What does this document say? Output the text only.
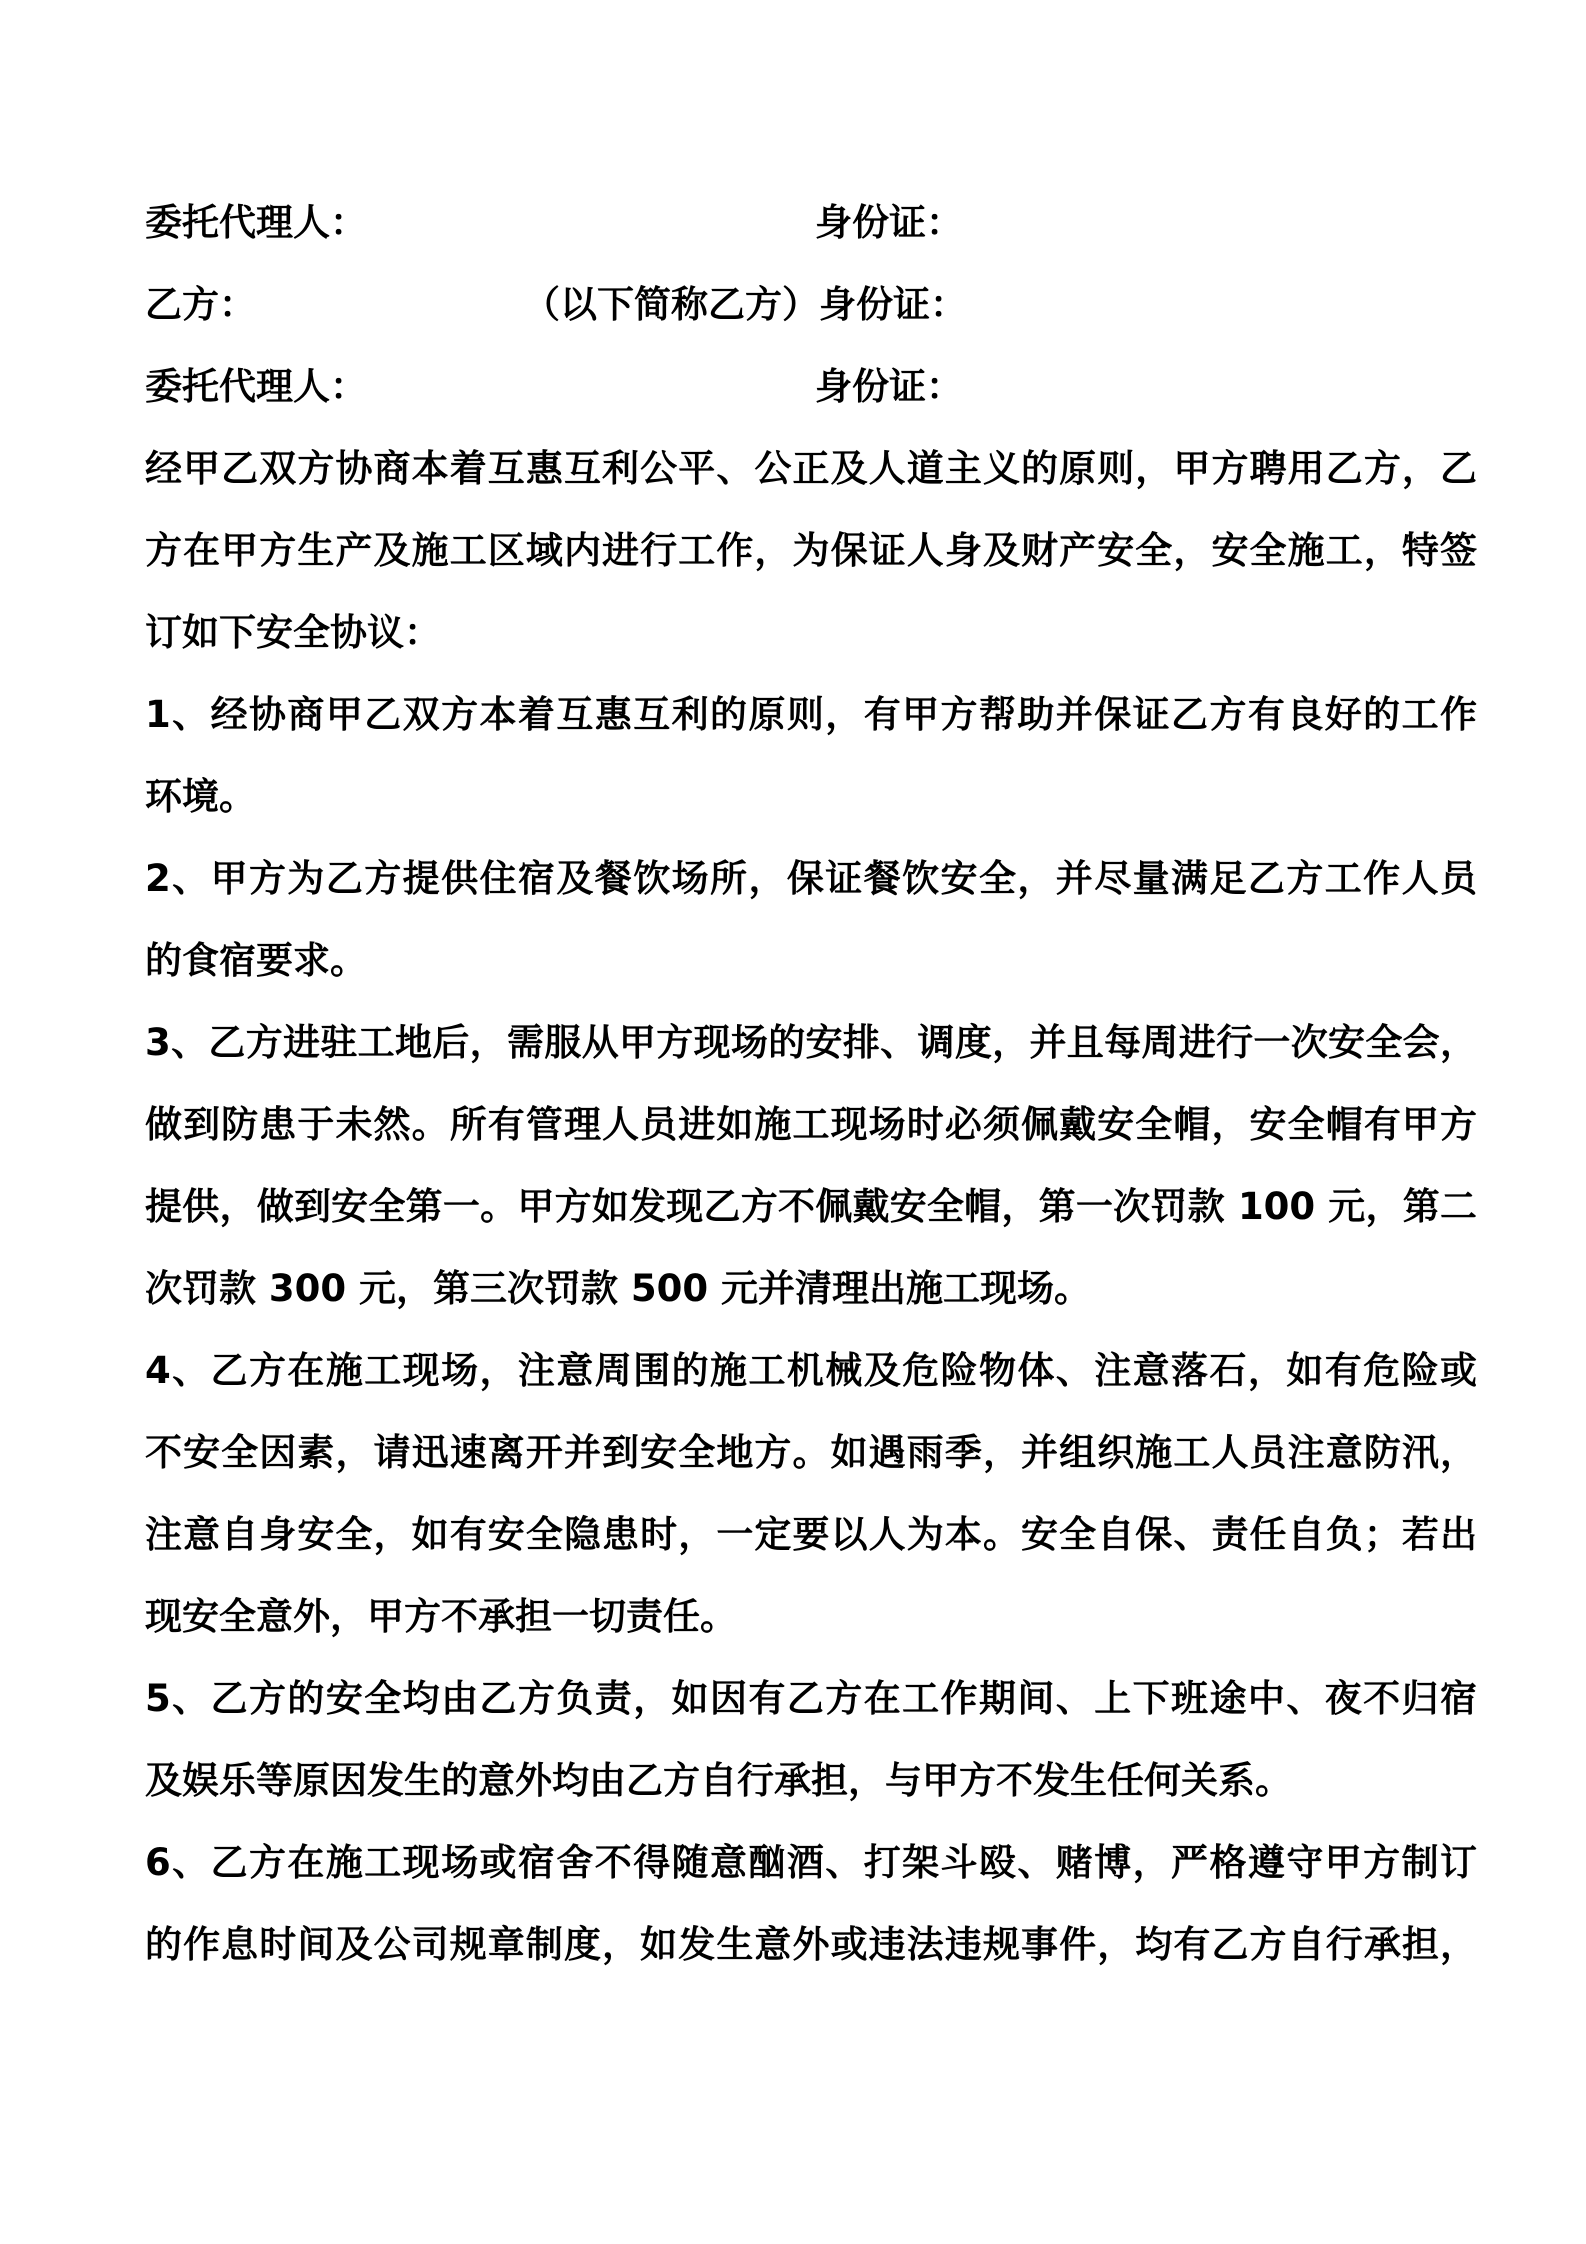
委托代理人：	身份证：
乙方：	（以下简称乙方）身份证：
委托代理人：	身份证：
经甲乙双方协商本着互惠互利公平、公正及人道主义的原则，甲方聘用乙方，乙
方在甲方生产及施工区域内进行工作，为保证人身及财产安全，安全施工，特签
订如下安全协议：
1、经协商甲乙双方本着互惠互利的原则，有甲方帮助并保证乙方有良好的工作
环境。
2、甲方为乙方提供住宿及餐饮场所，保证餐饮安全，并尽量满足乙方工作人员
的食宿要求。
3、乙方进驻工地后，需服从甲方现场的安排、调度，并且每周进行一次安全会，
做到防患于未然。所有管理人员进如施工现场时必须佩戴安全帽，安全帽有甲方
提供，做到安全第一。甲方如发现乙方不佩戴安全帽，第一次罚款 100 元，第二
次罚款 300 元，第三次罚款 500 元并清理出施工现场。
4、乙方在施工现场，注意周围的施工机械及危险物体、注意落石，如有危险或
不安全因素，请迅速离开并到安全地方。如遇雨季，并组织施工人员注意防汛，
注意自身安全，如有安全隐患时，一定要以人为本。安全自保、责任自负；若出
现安全意外，甲方不承担一切责任。
5、乙方的安全均由乙方负责，如因有乙方在工作期间、上下班途中、夜不归宿
及娱乐等原因发生的意外均由乙方自行承担，与甲方不发生任何关系。
6、乙方在施工现场或宿舍不得随意酗酒、打架斗殴、赌博，严格遵守甲方制订
的作息时间及公司规章制度，如发生意外或违法违规事件，均有乙方自行承担，
